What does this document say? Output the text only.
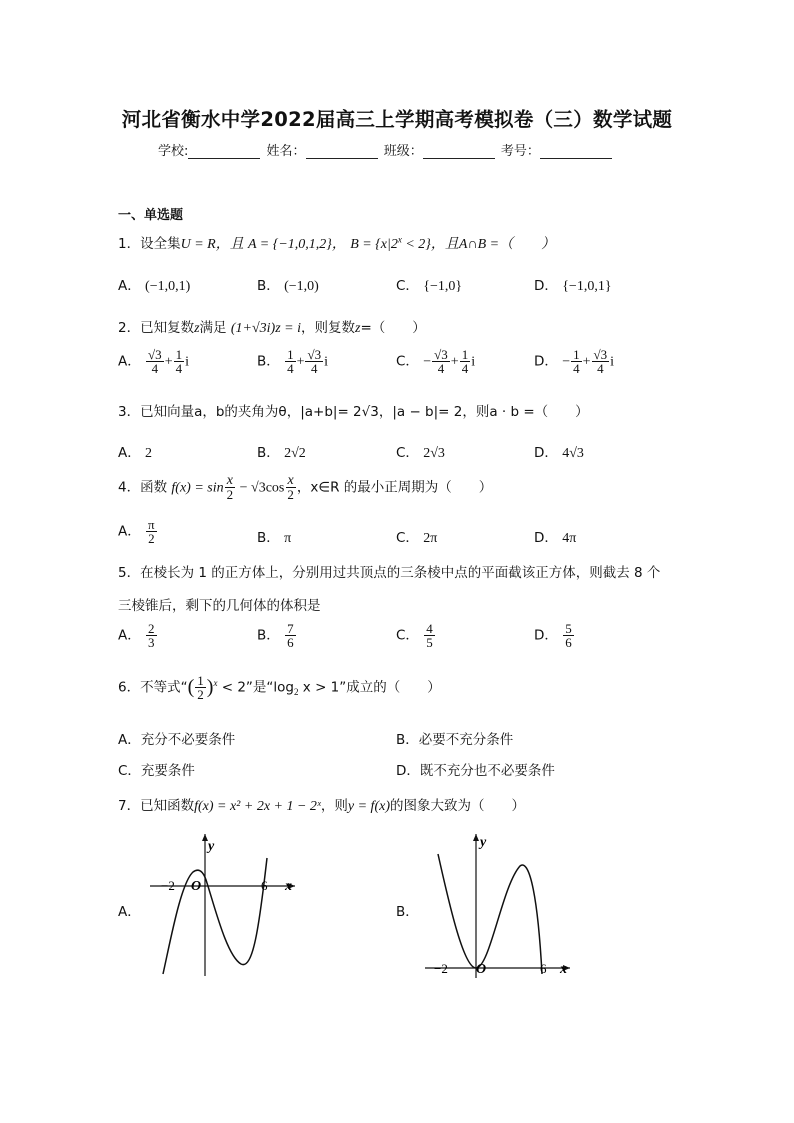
河北省衡水中学2022届高三上学期高考模拟卷（三）数学试题
学校:	姓名：	班级：	考号：
一、单选题
1．设全集U = R，且 A = {−1,0,1,2}， $B = \{x|2^x < 2\}$，且A∩B =（　　）
A． (−1,0,1)	B． (−1,0)	C． {−1,0}	D． {−1,0,1}
2．已知复数z满足 (1+√3i)z = i，则复数z=（　　）
A． $\frac{√3}{4} + \frac{1}{4}$ i	B． $\frac{1}{4} + \frac{√3}{4}$ i	C． − $\frac{√3}{4} + \frac{1}{4}$ i	D． − $\frac{1}{4} + \frac{√3}{4}$ i
3．已知向量a，b的夹角为θ，|a+b|= 2√3，|a − b|= 2，则a · b =（　　）
A． 2	B． 2√2	C． 2√3	D． 4√3
4．函数 $f(x) = \sin \frac{x}{2} - √3\cos \frac{x}{2}$ ，x∈R 的最小正周期为（　　）
A． $\frac{\pi}{2}$	B． π	C． 2π	D． 4π
5．在棱长为 1 的正方体上，分别用过共顶点的三条棱中点的平面截该正方体，则截去 8 个
三棱锥后，剩下的几何体的体积是
A． $\frac{2}{3}$	B． $\frac{7}{6}$	C． $\frac{4}{5}$	D． $\frac{5}{6}$
6．不等式“( $\frac{1}{2} )^x < 2$”是“$\log_2$ x > 1”成立的（　　）
A．充分不必要条件	B．必要不充分条件
C．充要条件	D．既不充分也不必要条件
7．已知函数f(x) = x² + 2x + 1 − 2ˣ，则y = f(x)的图象大致为（　　）
A．	B．
y
x
O
−2	6
y
x
O
−2	6
